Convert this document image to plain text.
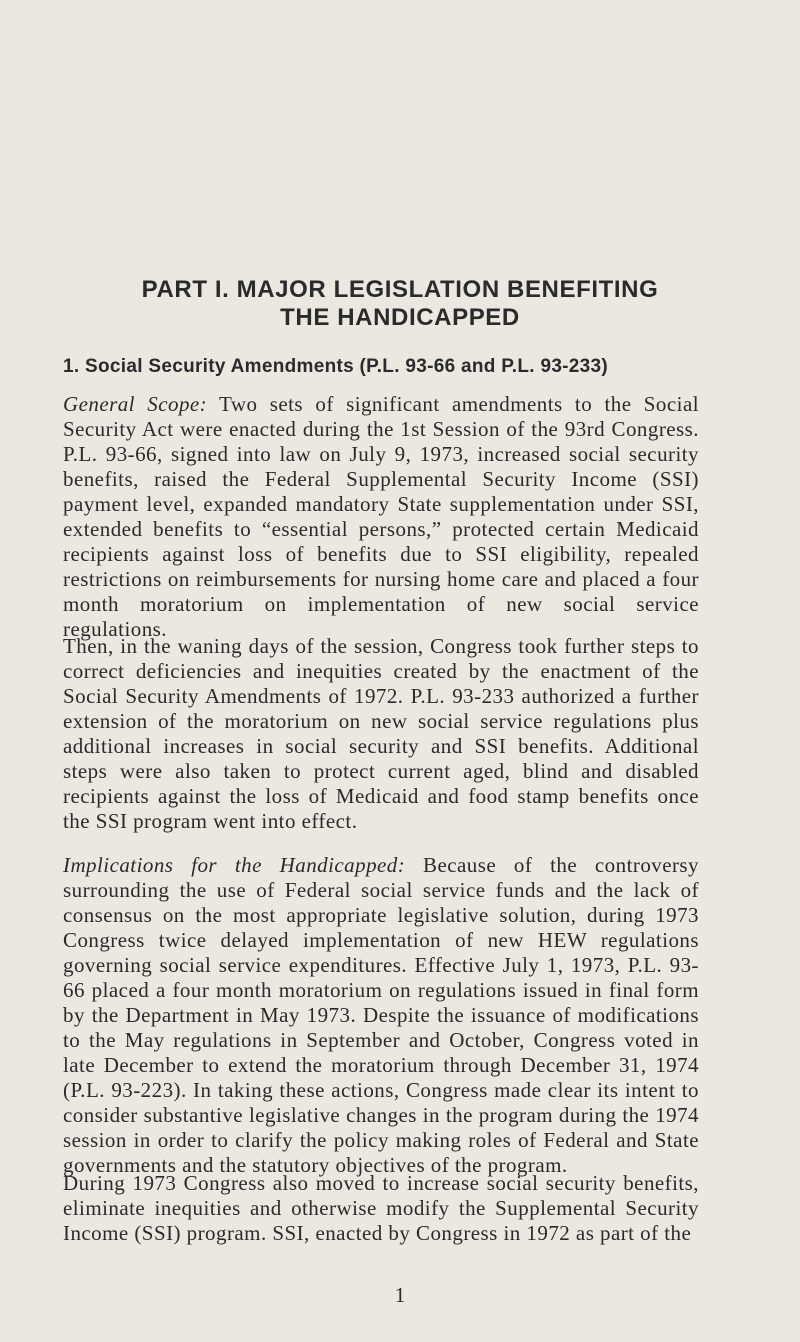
PART I. MAJOR LEGISLATION BENEFITING
THE HANDICAPPED
1. Social Security Amendments (P.L. 93-66 and P.L. 93-233)

General Scope: Two sets of significant amendments to the Social Security Act were enacted during the 1st Session of the 93rd Congress. P.L. 93-66, signed into law on July 9, 1973, increased social security benefits, raised the Federal Supplemental Security Income (SSI) payment level, expanded mandatory State supplementation under SSI, extended benefits to “essential persons,” protected certain Medicaid recipients against loss of benefits due to SSI eligibility, repealed restrictions on reimbursements for nursing home care and placed a four month moratorium on implementation of new social service regulations.

Then, in the waning days of the session, Congress took further steps to correct deficiencies and inequities created by the enactment of the Social Security Amendments of 1972. P.L. 93-233 authorized a further extension of the moratorium on new social service regulations plus additional increases in social security and SSI benefits. Additional steps were also taken to protect current aged, blind and disabled recipients against the loss of Medicaid and food stamp benefits once the SSI program went into effect.

Implications for the Handicapped: Because of the controversy surrounding the use of Federal social service funds and the lack of consensus on the most appropriate legislative solution, during 1973 Congress twice delayed implementation of new HEW regulations governing social service expenditures. Effective July 1, 1973, P.L. 93-66 placed a four month moratorium on regulations issued in final form by the Department in May 1973. Despite the issuance of modifications to the May regulations in September and October, Congress voted in late December to extend the moratorium through December 31, 1974 (P.L. 93-223). In taking these actions, Congress made clear its intent to consider substantive legislative changes in the program during the 1974 session in order to clarify the policy making roles of Federal and State governments and the statutory objectives of the program.

During 1973 Congress also moved to increase social security benefits, eliminate inequities and otherwise modify the Supplemental Security Income (SSI) program. SSI, enacted by Congress in 1972 as part of the

1
